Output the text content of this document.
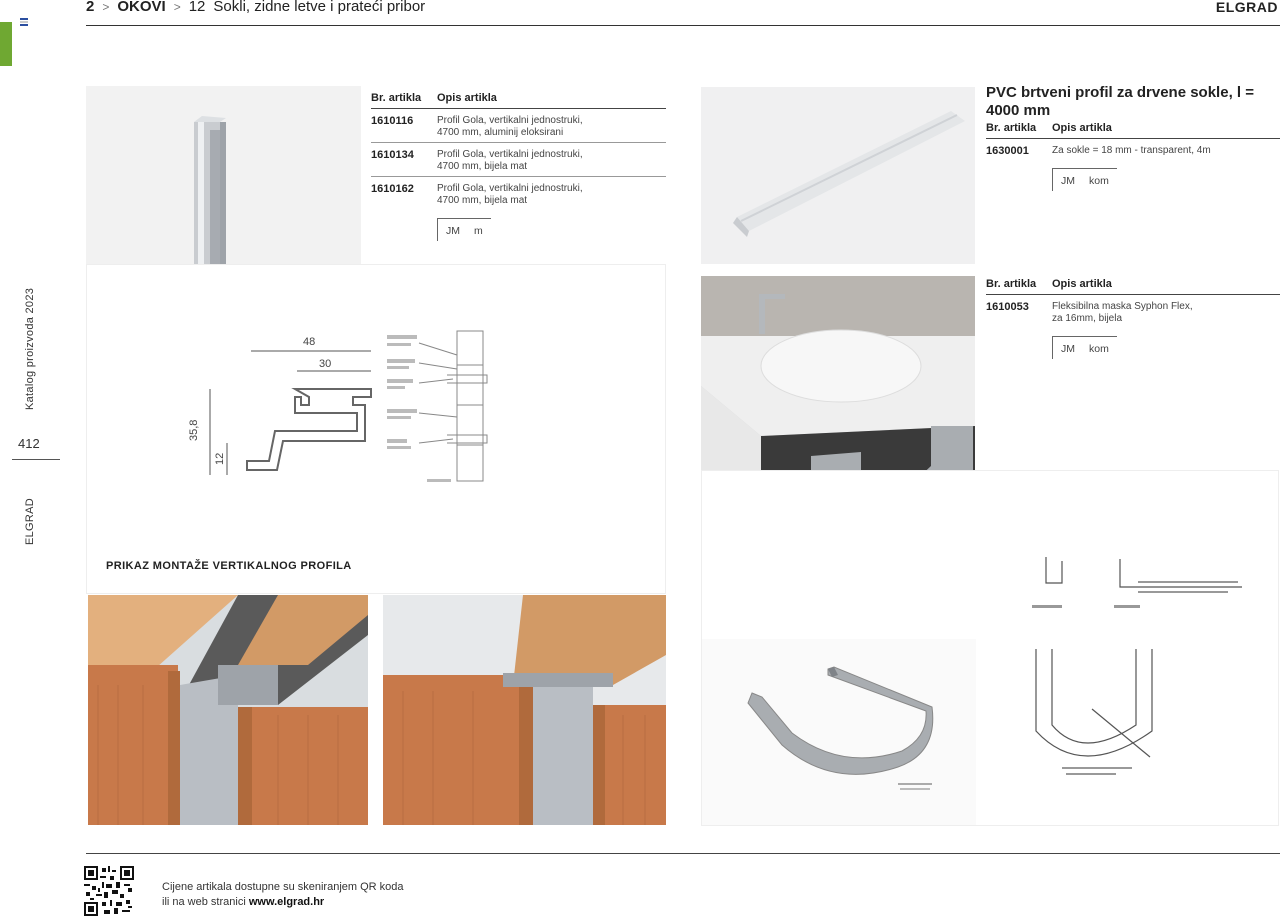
Katalog proizvoda 2023
412
ELGRAD
2 > OKOVI > 12 Sokli, zidne letve i prateći pribor	ELGRAD
Br. artikla	Opis artikla
1610116	Profil Gola, vertikalni jednostruki,
4700 mm, aluminij eloksirani
1610134	Profil Gola, vertikalni jednostruki,
4700 mm, bijela mat
1610162	Profil Gola, vertikalni jednostruki,
4700 mm, bijela mat
JM m
48
30
35,8
12
PRIKAZ MONTAŽE VERTIKALNOG PROFILA
PVC brtveni profil za drvene sokle, l = 4000 mm
Br. artikla	Opis artikla
1630001	Za sokle = 18 mm - transparent, 4m
JM kom
Br. artikla	Opis artikla
1610053	Fleksibilna maska Syphon Flex,
za 16mm, bijela
JM kom
Cijene artikala dostupne su skeniranjem QR koda
ili na web stranici www.elgrad.hr
